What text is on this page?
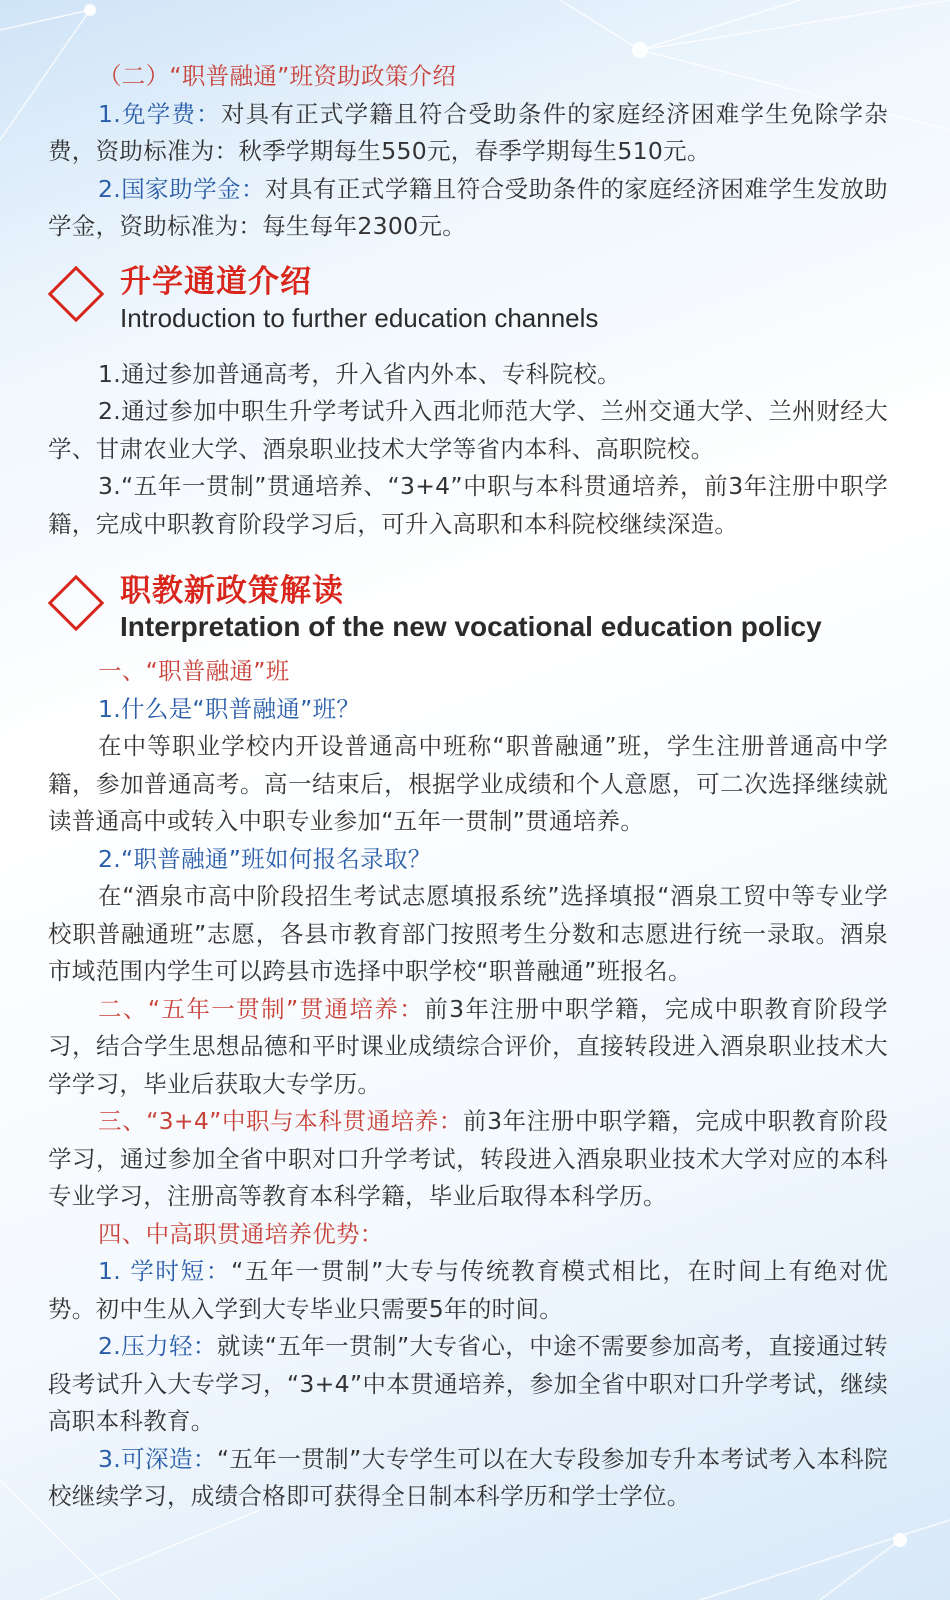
（二）“职普融通”班资助政策介绍

1.免学费：对具有正式学籍且符合受助条件的家庭经济困难学生免除学杂费，资助标准为：秋季学期每生550元，春季学期每生510元。

2.国家助学金：对具有正式学籍且符合受助条件的家庭经济困难学生发放助学金，资助标准为：每生每年2300元。

升学通道介绍
Introduction to further education channels

1.通过参加普通高考，升入省内外本、专科院校。

2.通过参加中职生升学考试升入西北师范大学、兰州交通大学、兰州财经大学、甘肃农业大学、酒泉职业技术大学等省内本科、高职院校。

3.“五年一贯制”贯通培养、“3+4”中职与本科贯通培养，前3年注册中职学籍，完成中职教育阶段学习后，可升入高职和本科院校继续深造。

职教新政策解读
Interpretation of the new vocational education policy

一、“职普融通”班

1.什么是“职普融通”班？

在中等职业学校内开设普通高中班称“职普融通”班，学生注册普通高中学籍，参加普通高考。高一结束后，根据学业成绩和个人意愿，可二次选择继续就读普通高中或转入中职专业参加“五年一贯制”贯通培养。

2.“职普融通”班如何报名录取？

在“酒泉市高中阶段招生考试志愿填报系统”选择填报“酒泉工贸中等专业学校职普融通班”志愿，各县市教育部门按照考生分数和志愿进行统一录取。酒泉市域范围内学生可以跨县市选择中职学校“职普融通”班报名。

二、“五年一贯制”贯通培养：前3年注册中职学籍，完成中职教育阶段学习，结合学生思想品德和平时课业成绩综合评价，直接转段进入酒泉职业技术大学学习，毕业后获取大专学历。

三、“3+4”中职与本科贯通培养：前3年注册中职学籍，完成中职教育阶段学习，通过参加全省中职对口升学考试，转段进入酒泉职业技术大学对应的本科专业学习，注册高等教育本科学籍，毕业后取得本科学历。

四、中高职贯通培养优势：

1. 学时短：“五年一贯制”大专与传统教育模式相比，在时间上有绝对优势。初中生从入学到大专毕业只需要5年的时间。

2.压力轻：就读“五年一贯制”大专省心，中途不需要参加高考，直接通过转段考试升入大专学习，“3+4”中本贯通培养，参加全省中职对口升学考试，继续高职本科教育。

3.可深造：“五年一贯制”大专学生可以在大专段参加专升本考试考入本科院校继续学习，成绩合格即可获得全日制本科学历和学士学位。
